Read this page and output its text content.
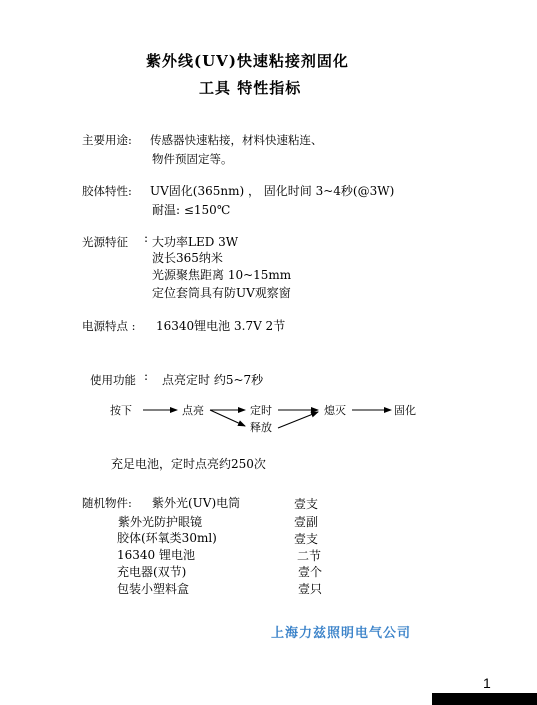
紫外线(UV)快速粘接剂固化
工具 特性指标
主要用途: 传感器快速粘接，材料快速粘连、
物件预固定等。
胶体特性: UV固化(365nm) ， 固化时间 3~4秒(@3W)
耐温: ≤150℃
光源特征 : 大功率LED 3W
波长365纳米
光源聚焦距离 10~15mm
定位套筒具有防UV观察窗
电源特点 : 16340锂电池 3.7V 2节
使用功能 : 点亮定时 约5~7秒
按下	点亮	定时
释放
熄灭	固化
充足电池，定时点亮约250次
随机物件: 紫外光(UV)电筒	壹支
紫外光防护眼镜	壹副
胶体(环氧类30ml)	壹支
16340 锂电池	二节
充电器(双节)	壹个
包装小塑料盒	壹只
上海力兹照明电气公司
1
